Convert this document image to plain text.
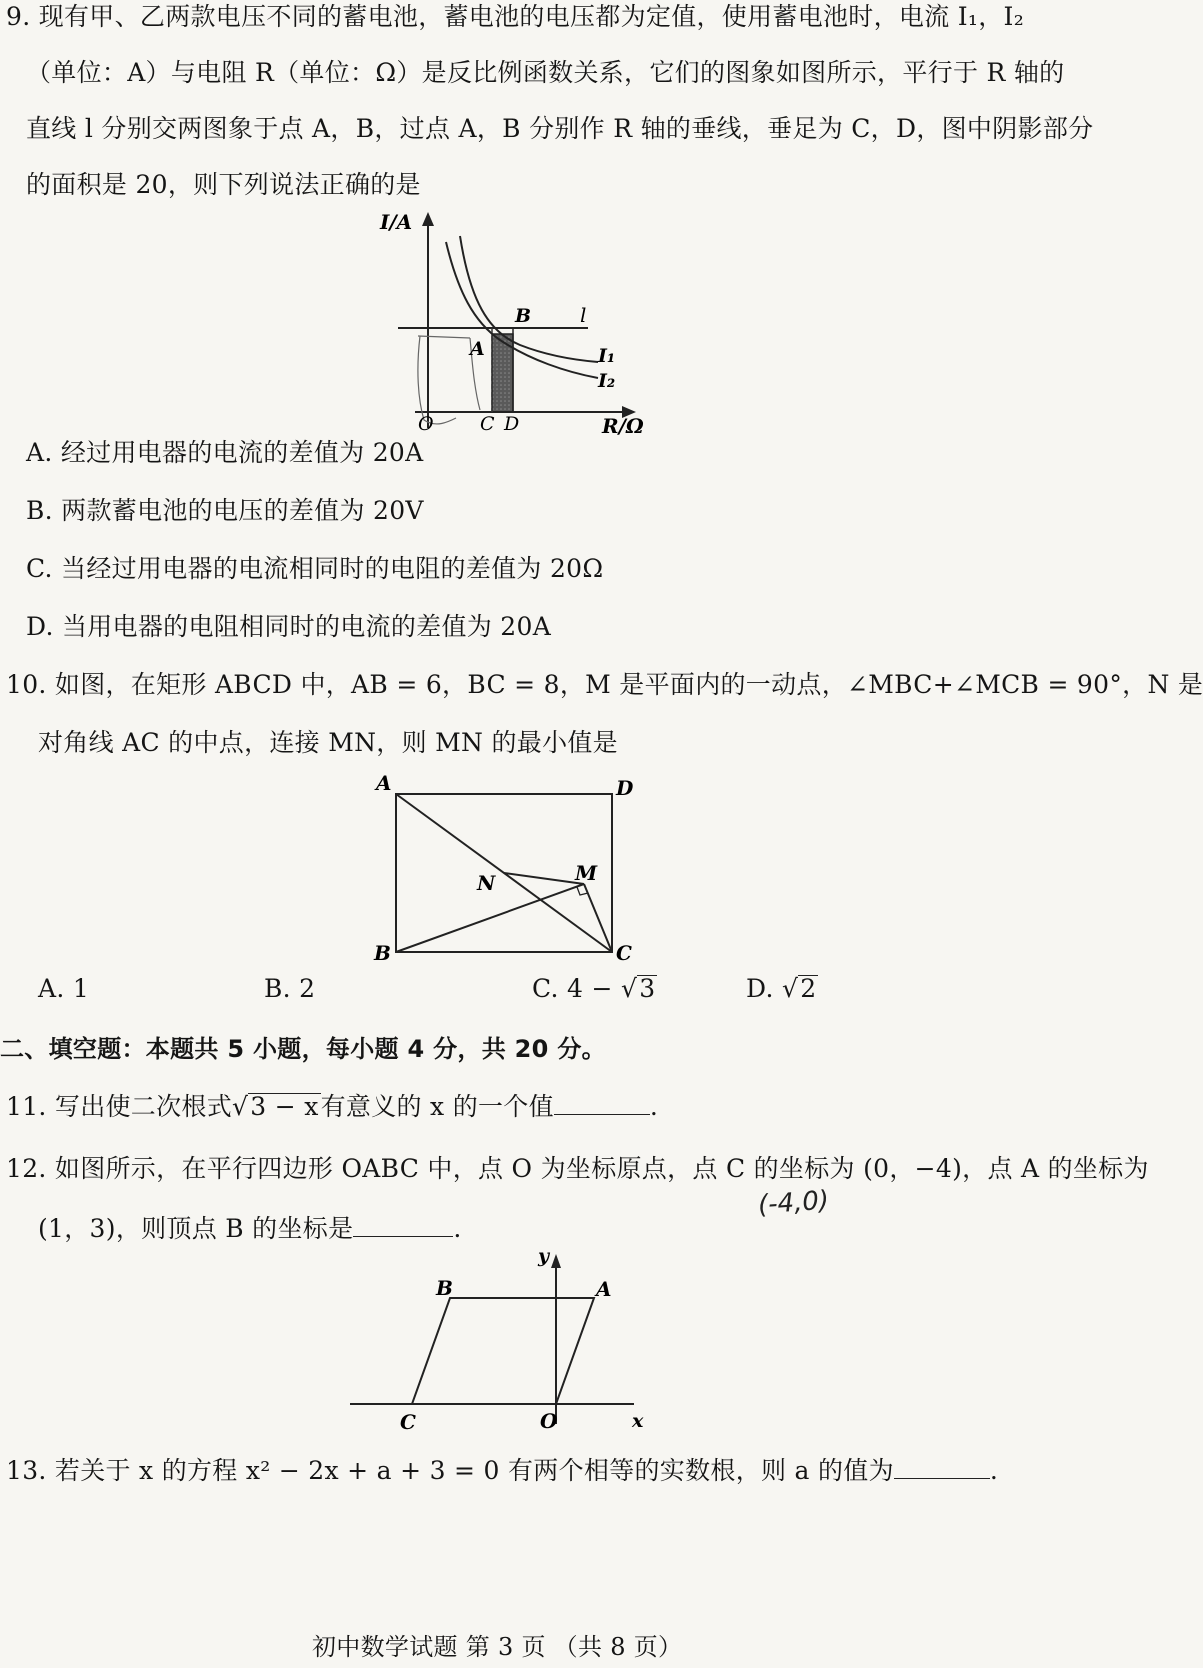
9. 现有甲、乙两款电压不同的蓄电池，蓄电池的电压都为定值，使用蓄电池时，电流 I₁，I₂
（单位：A）与电阻 R（单位：Ω）是反比例函数关系，它们的图象如图所示，平行于 R 轴的
直线 l 分别交两图象于点 A，B，过点 A，B 分别作 R 轴的垂线，垂足为 C，D，图中阴影部分
的面积是 20，则下列说法正确的是
I/A
R/Ω
O
A
B
C D
l
I₁
I₂
A. 经过用电器的电流的差值为 20A
B. 两款蓄电池的电压的差值为 20V
C. 当经过用电器的电流相同时的电阻的差值为 20Ω
D. 当用电器的电阻相同时的电流的差值为 20A
10. 如图，在矩形 ABCD 中，AB = 6，BC = 8，M 是平面内的一动点，∠MBC+∠MCB = 90°，N 是
对角线 AC 的中点，连接 MN，则 MN 的最小值是
A	D
B	C
N	M
A. 1	B. 2	C. 4 − √3	D. √2
二、填空题：本题共 5 小题，每小题 4 分，共 20 分。
11. 写出使二次根式√3 − x有意义的 x 的一个值	.
12. 如图所示，在平行四边形 OABC 中，点 O 为坐标原点，点 C 的坐标为 (0，−4)，点 A 的坐标为
(-4,0)
(1，3)，则顶点 B 的坐标是	.
y
x
O
A
B
C
13. 若关于 x 的方程 x² − 2x + a + 3 = 0 有两个相等的实数根，则 a 的值为	.
初中数学试题 第 3 页 （共 8 页）
